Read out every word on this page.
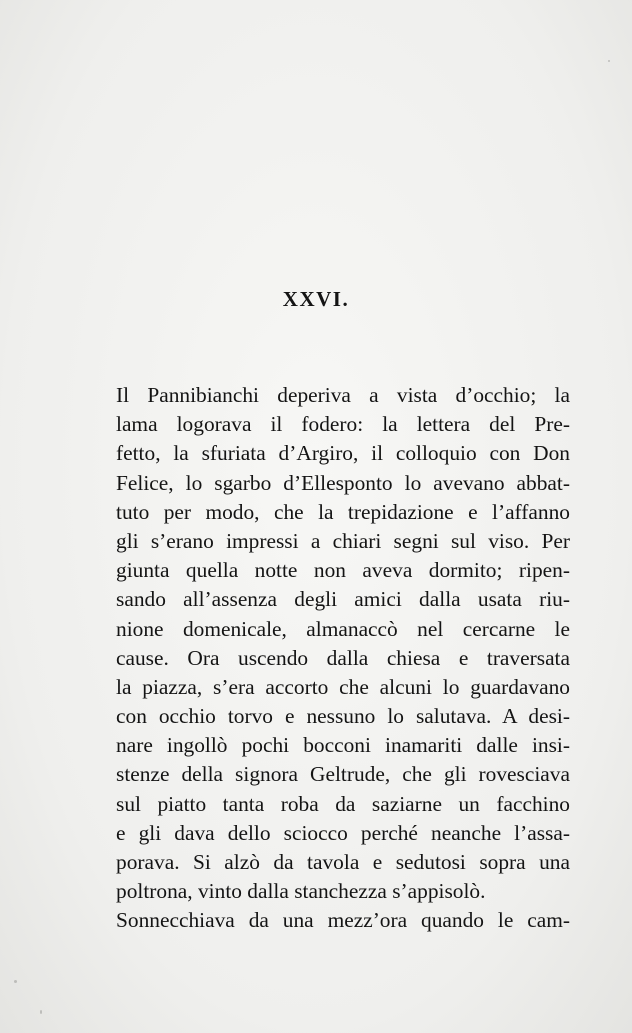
XXVI.
Il Pannibianchi deperiva a vista d’occhio; la
lama logorava il fodero: la lettera del Pre-
fetto, la sfuriata d’Argiro, il colloquio con Don
Felice, lo sgarbo d’Ellesponto lo avevano abbat-
tuto per modo, che la trepidazione e l’affanno
gli s’erano impressi a chiari segni sul viso. Per
giunta quella notte non aveva dormito; ripen-
sando all’assenza degli amici dalla usata riu-
nione domenicale, almanaccò nel cercarne le
cause. Ora uscendo dalla chiesa e traversata
la piazza, s’era accorto che alcuni lo guardavano
con occhio torvo e nessuno lo salutava. A desi-
nare ingollò pochi bocconi inamariti dalle insi-
stenze della signora Geltrude, che gli rovesciava
sul piatto tanta roba da saziarne un facchino
e gli dava dello sciocco perché neanche l’assa-
porava. Si alzò da tavola e sedutosi sopra una
poltrona, vinto dalla stanchezza s’appisolò.
Sonnecchiava da una mezz’ora quando le cam-
